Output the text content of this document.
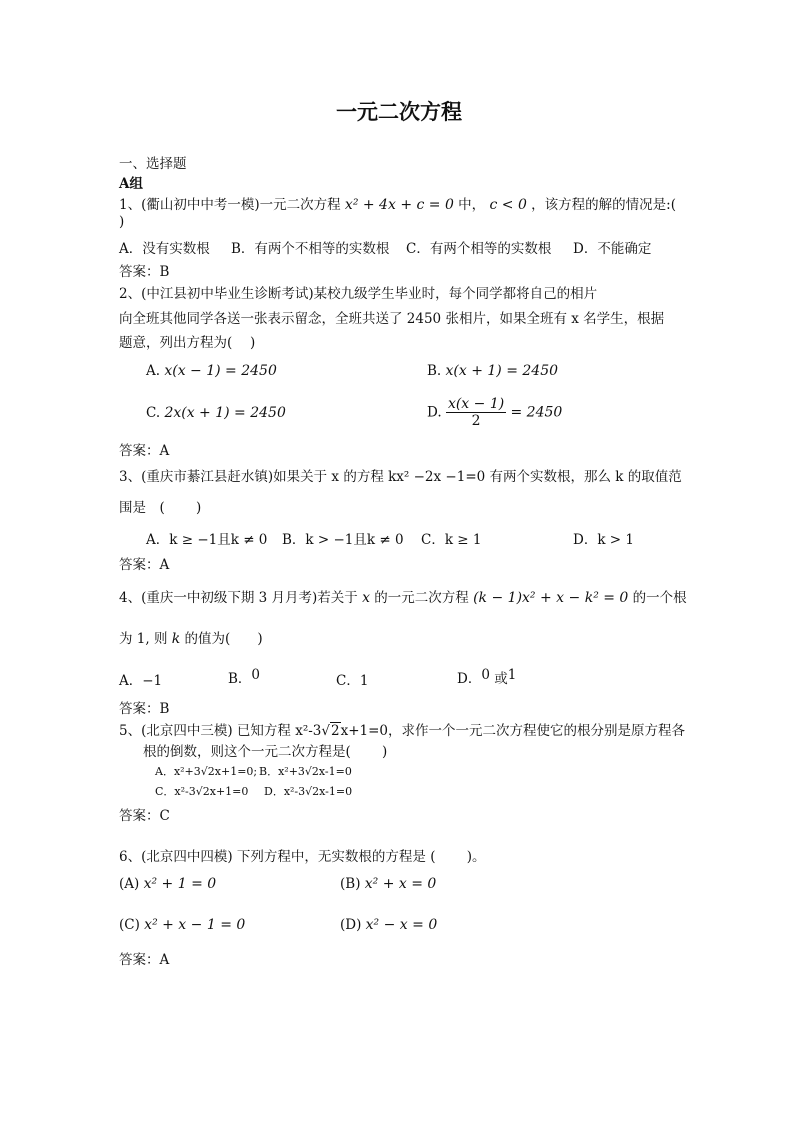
一元二次方程
一、选择题
A组
1、(衢山初中中考一模)一元二次方程 x² + 4x + c = 0 中， c < 0 ，该方程的解的情况是:(
)
A．没有实数根 B．有两个不相等的实数根 C．有两个相等的实数根 D．不能确定
答案：B
2、(中江县初中毕业生诊断考试)某校九级学生毕业时，每个同学都将自己的相片
向全班其他同学各送一张表示留念，全班共送了 2450 张相片，如果全班有 x 名学生，根据
题意，列出方程为(　 )
A. x(x − 1) = 2450	B. x(x + 1) = 2450
C. 2x(x + 1) = 2450	D. $\frac{x(x - 1)}{2} = 2450$
答案：A
3、(重庆市綦江县赶水镇)如果关于 x 的方程 kx² −2x −1=0 有两个实数根，那么 k 的取值范
围是　(　　 )
A．k ≥ −1且k ≠ 0 B．k > −1且k ≠ 0 C．k ≥ 1	D．k > 1
答案：A
4、(重庆一中初级下期 3 月月考)若关于 x 的一元二次方程 (k − 1)x² + x − k² = 0 的一个根
为 1, 则 k 的值为(　　)
A．−1	B．0	C．1	D．0 或1
答案：B
5、(北京四中三模) 已知方程 x²-3√2x+1=0，求作一个一元二次方程使它的根分别是原方程各
根的倒数，则这个一元二次方程是(　　 )
A．x²+3√2x+1=0; B．x²+3√2x-1=0
C．x²-3√2x+1=0 D．x²-3√2x-1=0
答案：C
6、(北京四中四模) 下列方程中，无实数根的方程是 (　　 )。
(A) x² + 1 = 0	(B) x² + x = 0
(C) x² + x − 1 = 0	(D) x² − x = 0
答案：A
